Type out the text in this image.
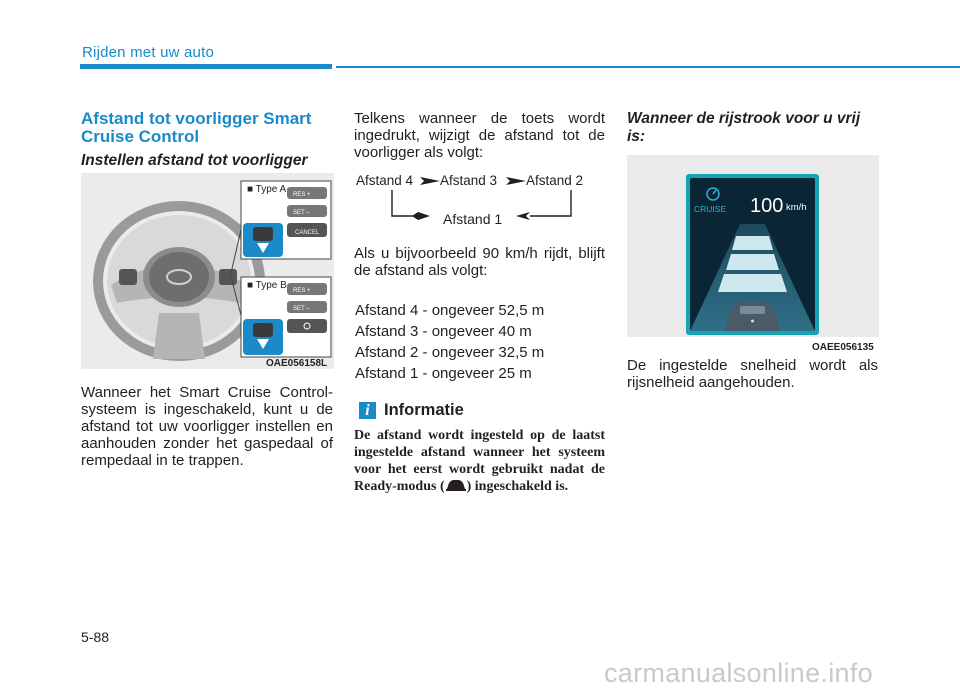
Rijden met uw auto
Afstand tot voorligger Smart Cruise Control
Instellen afstand tot voorligger
CANCEL
SET –
RES +
SET –
RES +
■ Type A
■ Type B
OAE056158L
Wanneer het Smart Cruise Control-systeem is ingeschakeld, kunt u de afstand tot uw voorligger instellen en aanhouden zonder het gaspedaal of rempedaal in te trappen.
Telkens wanneer de toets wordt ingedrukt, wijzigt de afstand tot de voorligger als volgt:
Afstand 4 Afstand 3 Afstand 2
Afstand 1
Als u bijvoorbeeld 90 km/h rijdt, blijft de afstand als volgt:
Afstand 4 - ongeveer 52,5 m
Afstand 3 - ongeveer 40 m
Afstand 2 - ongeveer 32,5 m
Afstand 1 - ongeveer 25 m
i Informatie
De afstand wordt ingesteld op de laatst ingestelde afstand wanneer het systeem voor het eerst wordt gebruikt nadat de Ready-modus ( ) ingeschakeld is.
Wanneer de rijstrook voor u vrij is:
CRUISE 100 km/h
OAEE056135
De ingestelde snelheid wordt als rijsnelheid aangehouden.
5-88
carmanualsonline.info
